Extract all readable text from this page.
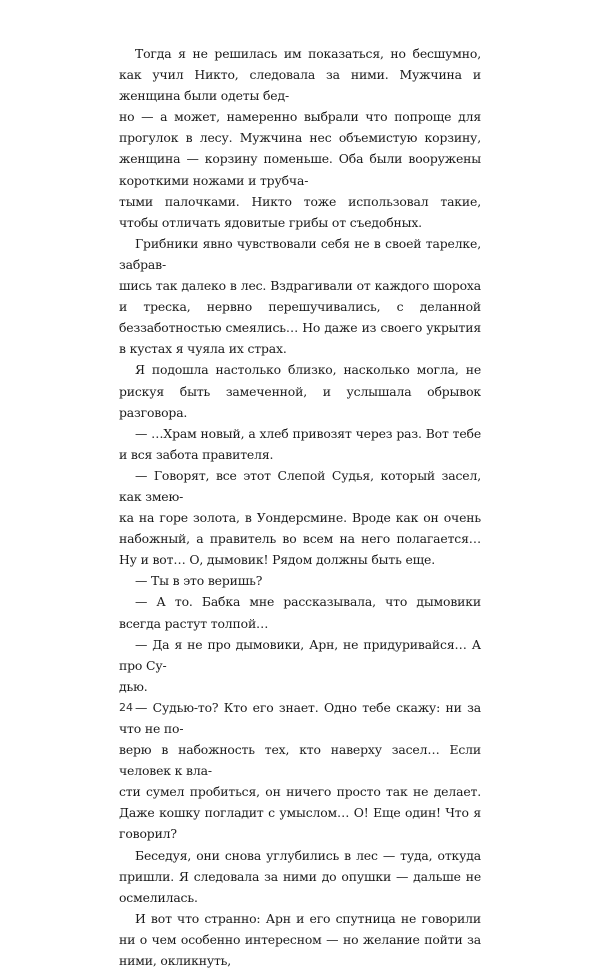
Тогда я не решилась им показаться, но бесшумно, как учил Никто, следовала за ними. Мужчина и женщина были одеты бед-
но — а может, намеренно выбрали что попроще для прогулок в лесу. Мужчина нес объемистую корзину, женщина — корзину поменьше. Оба были вооружены короткими ножами и трубча-
тыми палочками. Никто тоже использовал такие, чтобы отличать ядовитые грибы от съедобных.

Грибники явно чувствовали себя не в своей тарелке, забрав-
шись так далеко в лес. Вздрагивали от каждого шороха и треска, нервно перешучивались, с деланной беззаботностью смеялись… Но даже из своего укрытия в кустах я чуяла их страх.

Я подошла настолько близко, насколько могла, не рискуя быть замеченной, и услышала обрывок разговора.

— …Храм новый, а хлеб привозят через раз. Вот тебе и вся забота правителя.

— Говорят, все этот Слепой Судья, который засел, как змею-
ка на горе золота, в Уондерсмине. Вроде как он очень набожный, а правитель во всем на него полагается… Ну и вот… О, дымовик! Рядом должны быть еще.

— Ты в это веришь?

— А то. Бабка мне рассказывала, что дымовики всегда растут толпой…

— Да я не про дымовики, Арн, не придуривайся… А про Су-
дью.

— Судью-то? Кто его знает. Одно тебе скажу: ни за что не по-
верю в набожность тех, кто наверху засел… Если человек к вла-
сти сумел пробиться, он ничего просто так не делает. Даже кошку погладит с умыслом… О! Еще один! Что я говорил?

Беседуя, они снова углубились в лес — туда, откуда пришли. Я следовала за ними до опушки — дальше не осмелилась.

И вот что странно: Арн и его спутница не говорили ни о чем особенно интересном — но желание пойти за ними, окликнуть,

24
